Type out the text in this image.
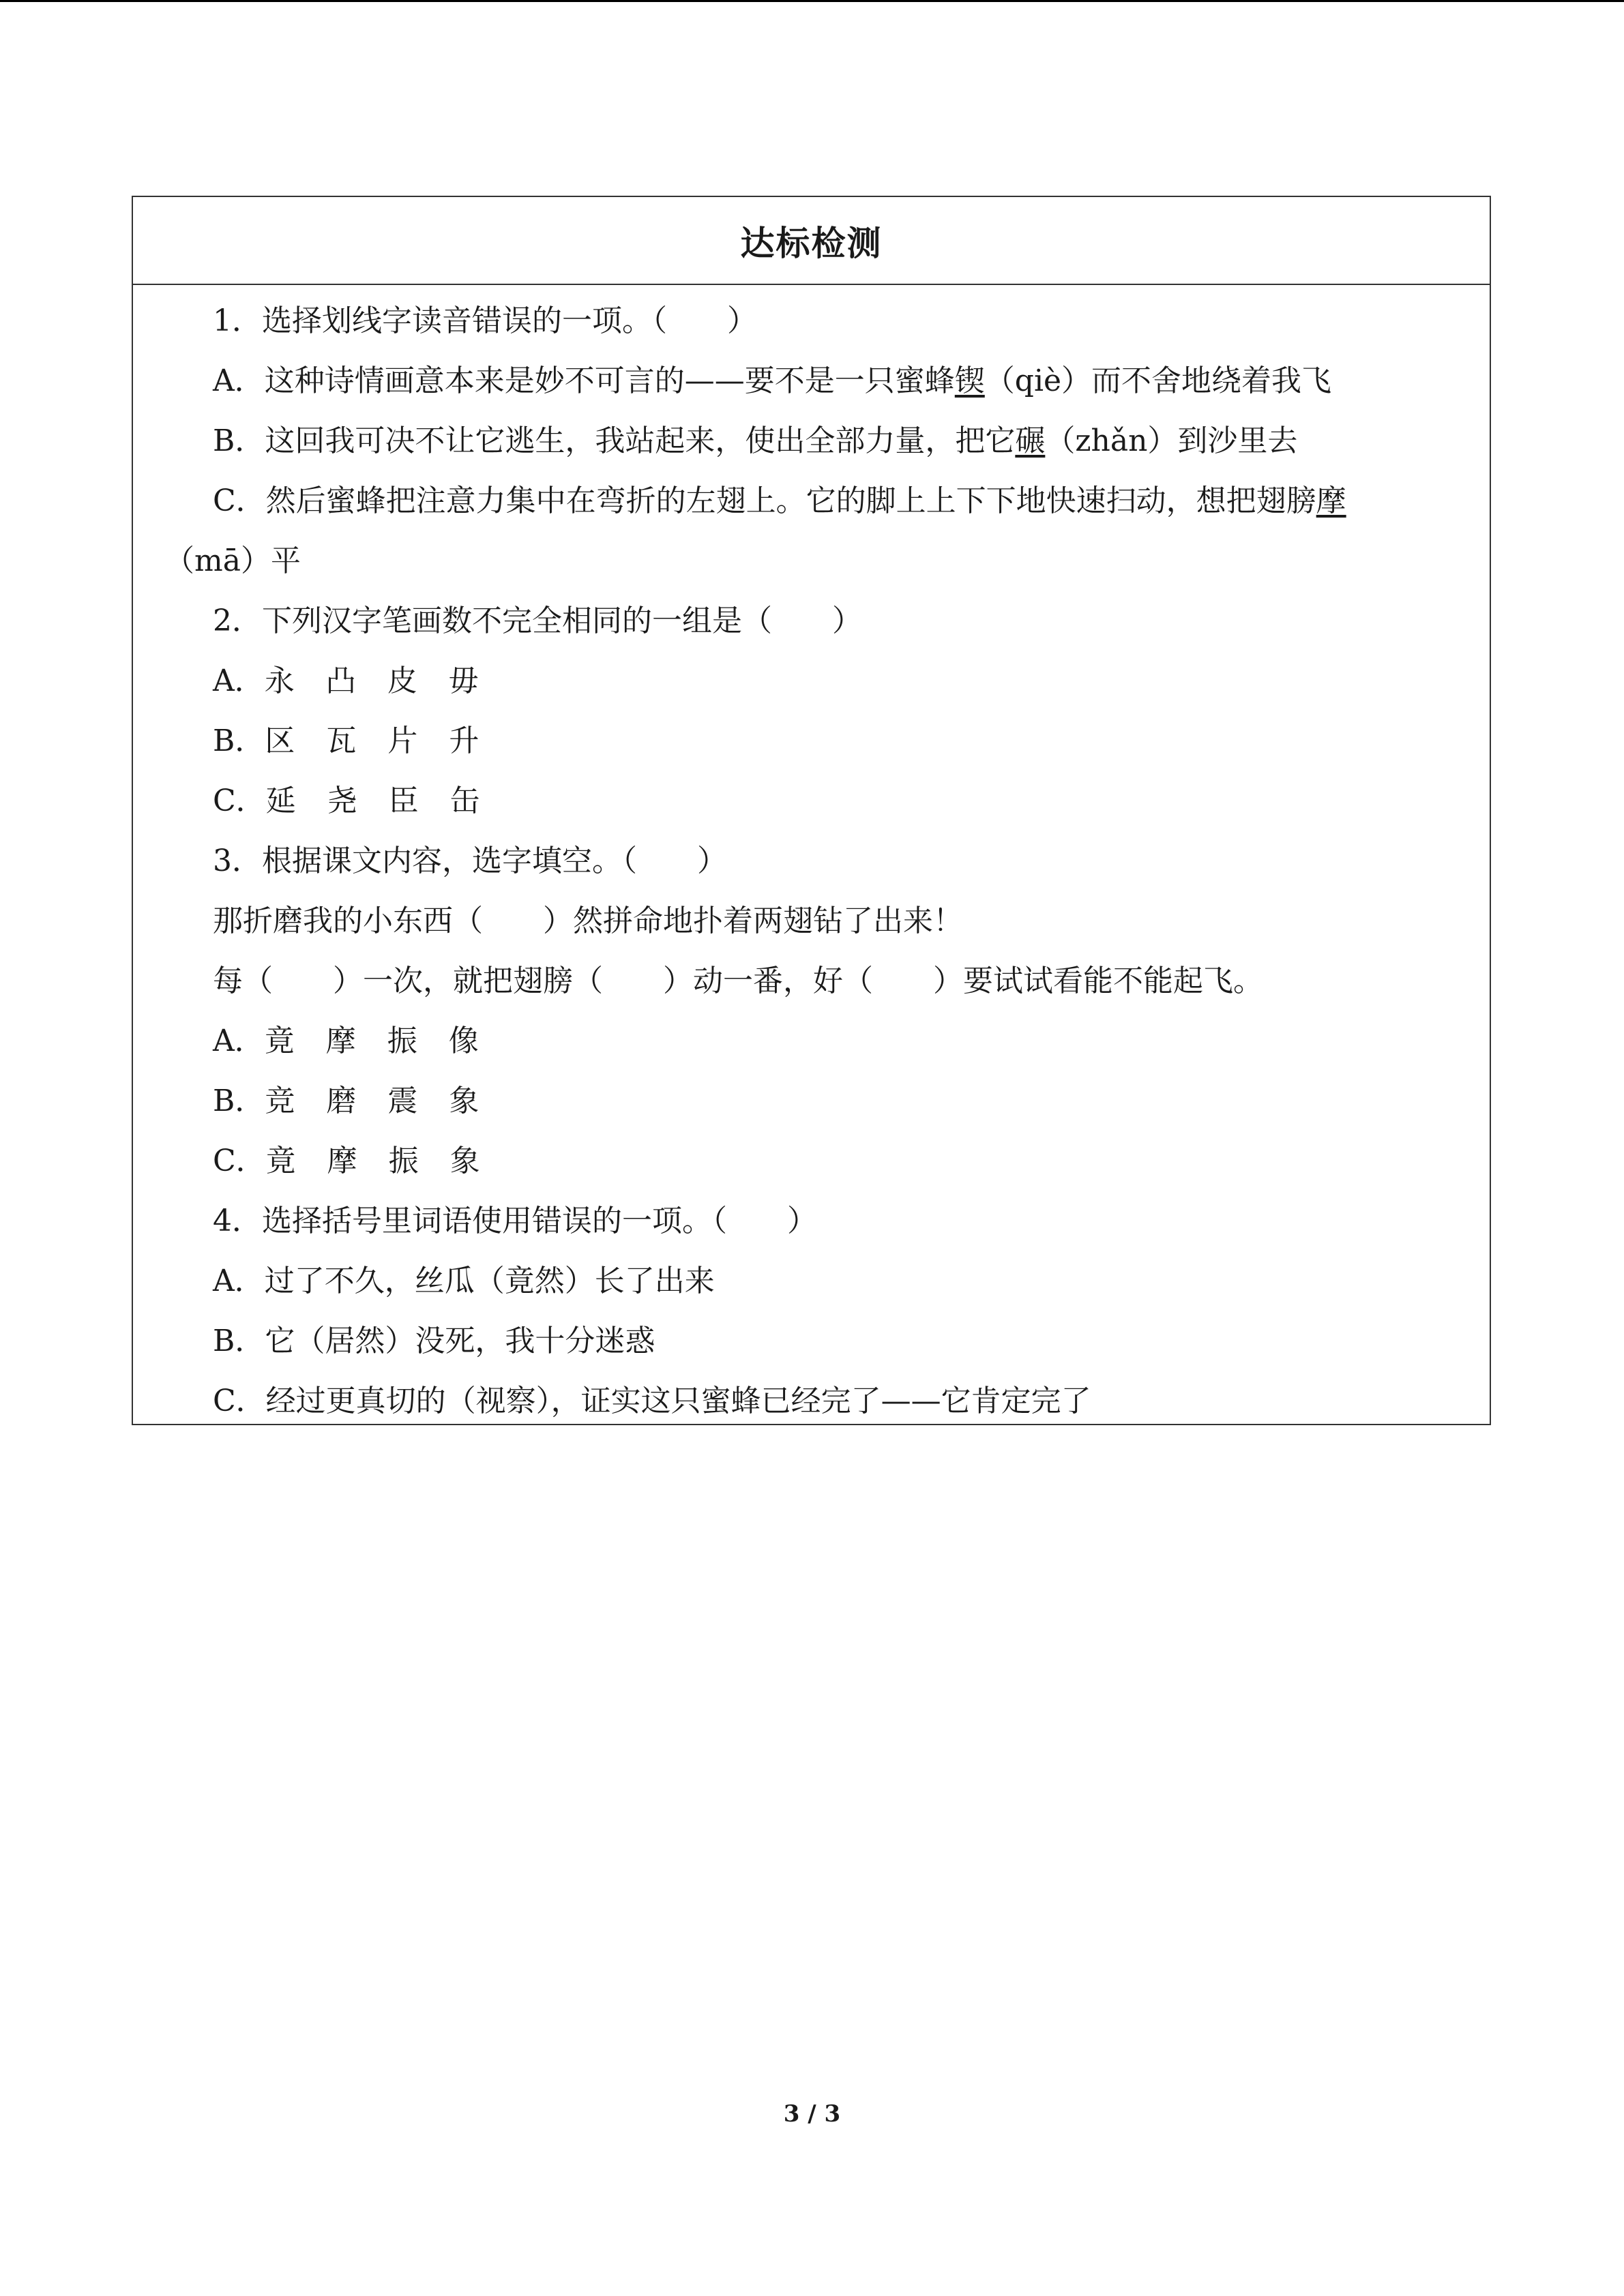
达标检测
1．选择划线字读音错误的一项。（　　）
A．这种诗情画意本来是妙不可言的——要不是一只蜜蜂锲（qiè）而不舍地绕着我飞
B．这回我可决不让它逃生，我站起来，使出全部力量，把它碾（zhǎn）到沙里去
C．然后蜜蜂把注意力集中在弯折的左翅上。它的脚上上下下地快速扫动，想把翅膀摩
（mā）平
2．下列汉字笔画数不完全相同的一组是（　　）
A．永 凸 皮 毋
B．区 瓦 片 升
C．延 尧 臣 缶
3．根据课文内容，选字填空。（　　）
那折磨我的小东西（　　）然拼命地扑着两翅钻了出来！
每（　　）一次，就把翅膀（　　）动一番，好（　　）要试试看能不能起飞。
A．竟 摩 振 像
B．竞 磨 震 象
C．竟 摩 振 象
4．选择括号里词语使用错误的一项。（　　）
A．过了不久，丝瓜（竟然）长了出来
B．它（居然）没死，我十分迷惑
C．经过更真切的（视察），证实这只蜜蜂已经完了——它肯定完了
3 / 3
